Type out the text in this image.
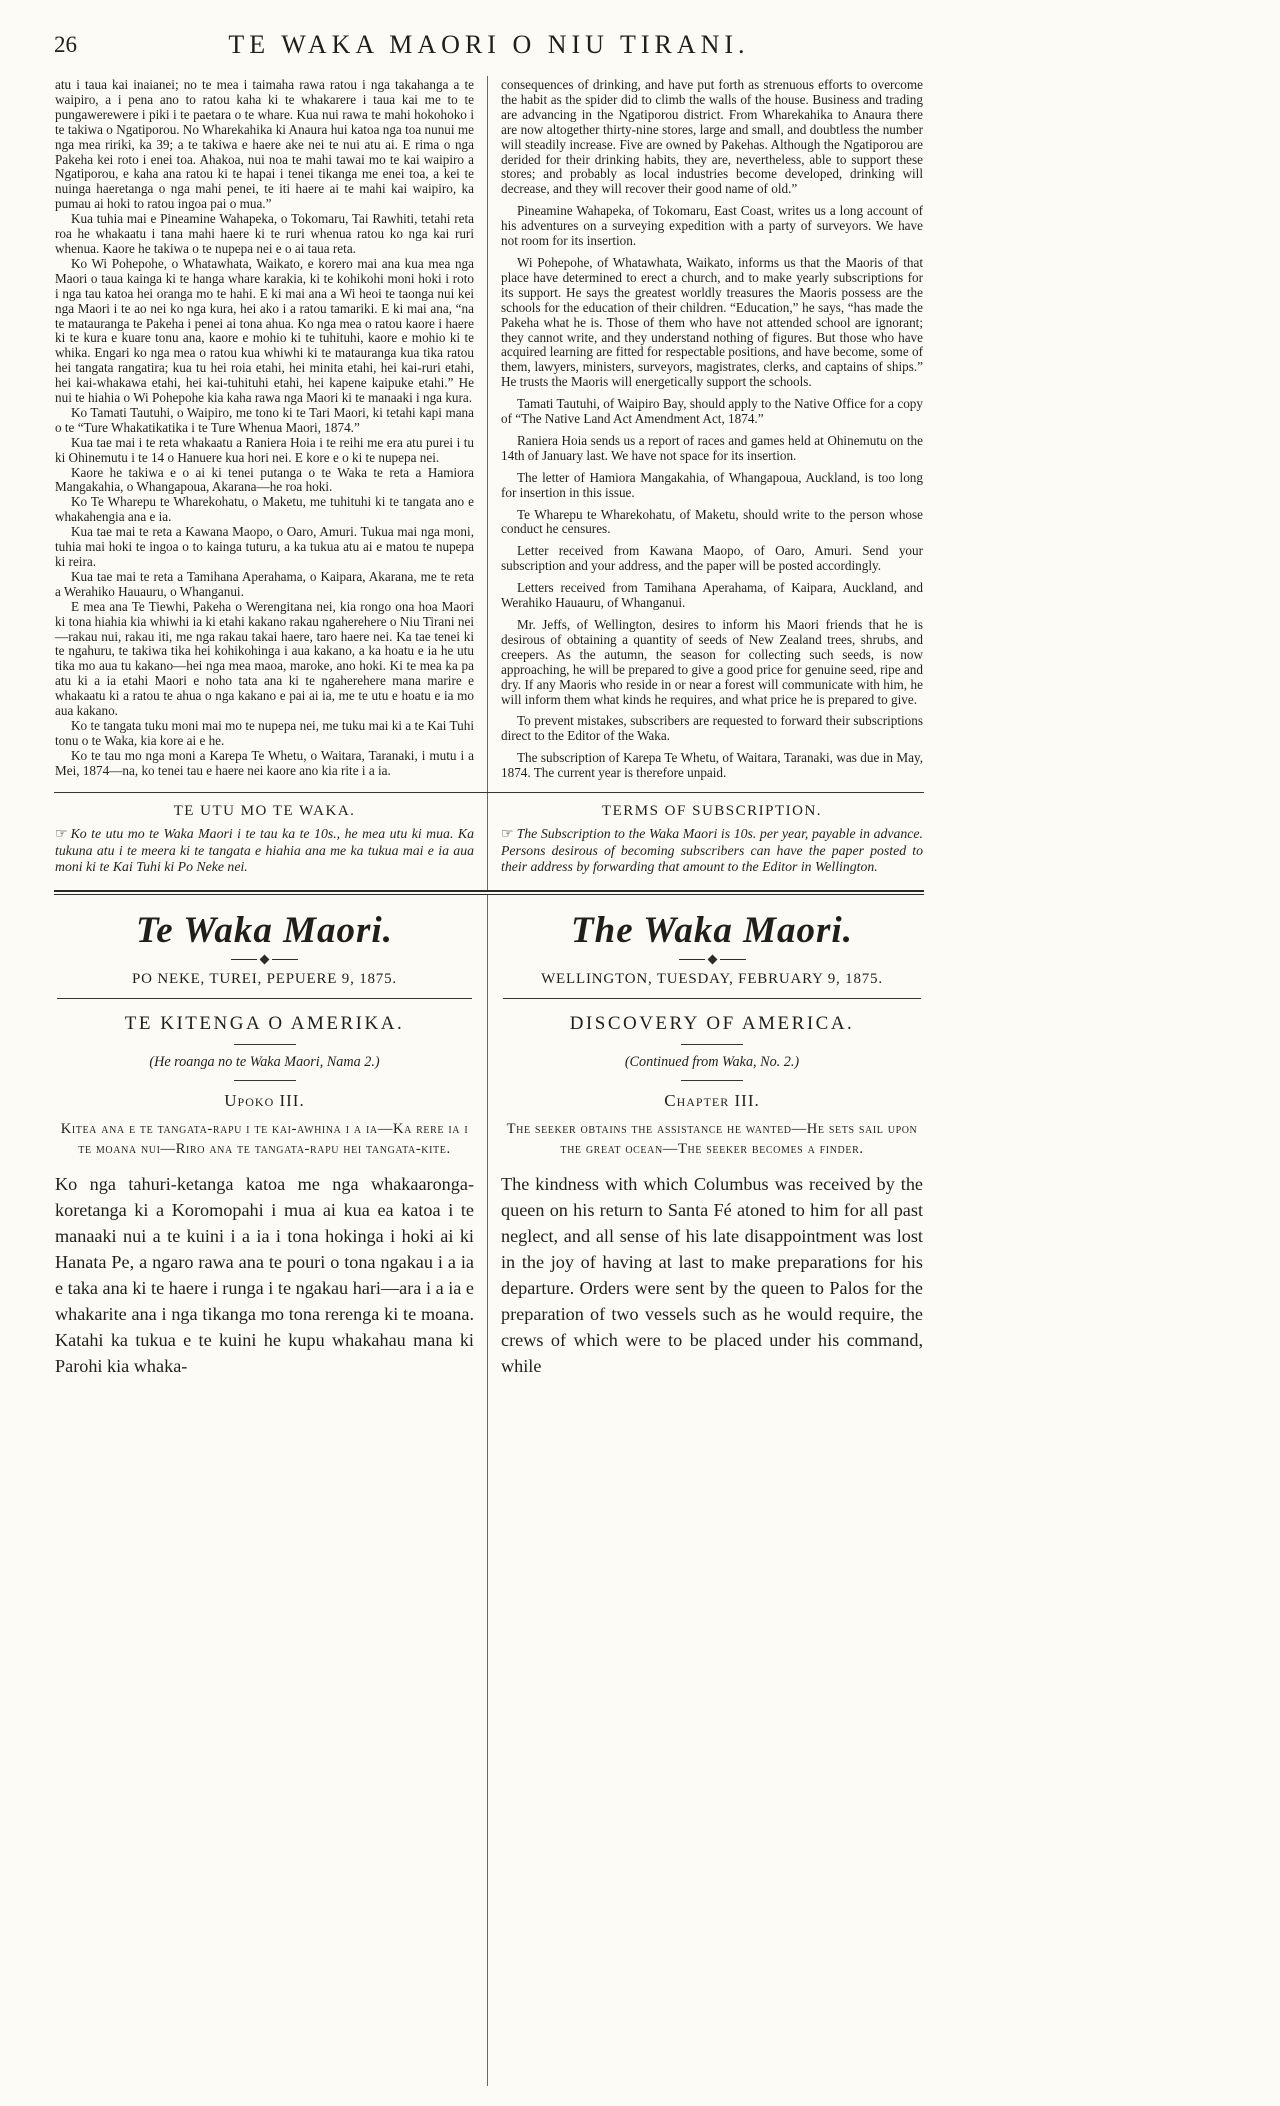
26	TE WAKA MAORI O NIU TIRANI.

atu i taua kai inaianei; no te mea i taimaha rawa ratou i nga takahanga a te waipiro, a i pena ano to ratou kaha ki te whakarere i taua kai me to te pungawerewere i piki i te paetara o te whare. Kua nui rawa te mahi hokohoko i te takiwa o Ngatiporou. No Wharekahika ki Anaura hui katoa nga toa nunui me nga mea ririki, ka 39; a te takiwa e haere ake nei te nui atu ai. E rima o nga Pakeha kei roto i enei toa. Ahakoa, nui noa te mahi tawai mo te kai waipiro a Ngatiporou, e kaha ana ratou ki te hapai i tenei tikanga me enei toa, a kei te nuinga haeretanga o nga mahi penei, te iti haere ai te mahi kai waipiro, ka pumau ai hoki to ratou ingoa pai o mua.”

Kua tuhia mai e Pineamine Wahapeka, o Tokomaru, Tai Rawhiti, tetahi reta roa he whakaatu i tana mahi haere ki te ruri whenua ratou ko nga kai ruri whenua. Kaore he takiwa o te nupepa nei e o ai taua reta.

Ko Wi Pohepohe, o Whatawhata, Waikato, e korero mai ana kua mea nga Maori o taua kainga ki te hanga whare karakia, ki te kohikohi moni hoki i roto i nga tau katoa hei oranga mo te hahi. E ki mai ana a Wi heoi te taonga nui kei nga Maori i te ao nei ko nga kura, hei ako i a ratou tamariki. E ki mai ana, “na te matauranga te Pakeha i penei ai tona ahua. Ko nga mea o ratou kaore i haere ki te kura e kuare tonu ana, kaore e mohio ki te tuhituhi, kaore e mohio ki te whika. Engari ko nga mea o ratou kua whiwhi ki te matauranga kua tika ratou hei tangata rangatira; kua tu hei roia etahi, hei minita etahi, hei kai-ruri etahi, hei kai-whakawa etahi, hei kai-tuhituhi etahi, hei kapene kaipuke etahi.” He nui te hiahia o Wi Pohepohe kia kaha rawa nga Maori ki te manaaki i nga kura.

Ko Tamati Tautuhi, o Waipiro, me tono ki te Tari Maori, ki tetahi kapi mana o te “Ture Whakatikatika i te Ture Whenua Maori, 1874.”

Kua tae mai i te reta whakaatu a Raniera Hoia i te reihi me era atu purei i tu ki Ohinemutu i te 14 o Hanuere kua hori nei. E kore e o ki te nupepa nei.

Kaore he takiwa e o ai ki tenei putanga o te Waka te reta a Hamiora Mangakahia, o Whangapoua, Akarana—he roa hoki.

Ko Te Wharepu te Wharekohatu, o Maketu, me tuhituhi ki te tangata ano e whakahengia ana e ia.

Kua tae mai te reta a Kawana Maopo, o Oaro, Amuri. Tukua mai nga moni, tuhia mai hoki te ingoa o to kainga tuturu, a ka tukua atu ai e matou te nupepa ki reira.

Kua tae mai te reta a Tamihana Aperahama, o Kaipara, Akarana, me te reta a Werahiko Hauauru, o Whanganui.

E mea ana Te Tiewhi, Pakeha o Werengitana nei, kia rongo ona hoa Maori ki tona hiahia kia whiwhi ia ki etahi kakano rakau ngaherehere o Niu Tirani nei—rakau nui, rakau iti, me nga rakau takai haere, taro haere nei. Ka tae tenei ki te ngahuru, te takiwa tika hei kohikohinga i aua kakano, a ka hoatu e ia he utu tika mo aua tu kakano—hei nga mea maoa, maroke, ano hoki. Ki te mea ka pa atu ki a ia etahi Maori e noho tata ana ki te ngaherehere mana marire e whakaatu ki a ratou te ahua o nga kakano e pai ai ia, me te utu e hoatu e ia mo aua kakano.

Ko te tangata tuku moni mai mo te nupepa nei, me tuku mai ki a te Kai Tuhi tonu o te Waka, kia kore ai e he.

Ko te tau mo nga moni a Karepa Te Whetu, o Waitara, Taranaki, i mutu i a Mei, 1874—na, ko tenei tau e haere nei kaore ano kia rite i a ia.

consequences of drinking, and have put forth as strenuous efforts to overcome the habit as the spider did to climb the walls of the house. Business and trading are advancing in the Ngatiporou district. From Wharekahika to Anaura there are now altogether thirty-nine stores, large and small, and doubtless the number will steadily increase. Five are owned by Pakehas. Although the Ngatiporou are derided for their drinking habits, they are, nevertheless, able to support these stores; and probably as local industries become developed, drinking will decrease, and they will recover their good name of old.”

Pineamine Wahapeka, of Tokomaru, East Coast, writes us a long account of his adventures on a surveying expedition with a party of surveyors. We have not room for its insertion.

Wi Pohepohe, of Whatawhata, Waikato, informs us that the Maoris of that place have determined to erect a church, and to make yearly subscriptions for its support. He says the greatest worldly treasures the Maoris possess are the schools for the education of their children. “Education,” he says, “has made the Pakeha what he is. Those of them who have not attended school are ignorant; they cannot write, and they understand nothing of figures. But those who have acquired learning are fitted for respectable positions, and have become, some of them, lawyers, ministers, surveyors, magistrates, clerks, and captains of ships.” He trusts the Maoris will energetically support the schools.

Tamati Tautuhi, of Waipiro Bay, should apply to the Native Office for a copy of “The Native Land Act Amendment Act, 1874.”

Raniera Hoia sends us a report of races and games held at Ohinemutu on the 14th of January last. We have not space for its insertion.

The letter of Hamiora Mangakahia, of Whangapoua, Auckland, is too long for insertion in this issue.

Te Wharepu te Wharekohatu, of Maketu, should write to the person whose conduct he censures.

Letter received from Kawana Maopo, of Oaro, Amuri. Send your subscription and your address, and the paper will be posted accordingly.

Letters received from Tamihana Aperahama, of Kaipara, Auckland, and Werahiko Hauauru, of Whanganui.

Mr. Jeffs, of Wellington, desires to inform his Maori friends that he is desirous of obtaining a quantity of seeds of New Zealand trees, shrubs, and creepers. As the autumn, the season for collecting such seeds, is now approaching, he will be prepared to give a good price for genuine seed, ripe and dry. If any Maoris who reside in or near a forest will communicate with him, he will inform them what kinds he requires, and what price he is prepared to give.

To prevent mistakes, subscribers are requested to forward their subscriptions direct to the Editor of the Waka.

The subscription of Karepa Te Whetu, of Waitara, Taranaki, was due in May, 1874. The current year is therefore unpaid.

TE UTU MO TE WAKA.

☞ Ko te utu mo te Waka Maori i te tau ka te 10s., he mea utu ki mua. Ka tukuna atu i te meera ki te tangata e hiahia ana me ka tukua mai e ia aua moni ki te Kai Tuhi ki Po Neke nei.

TERMS OF SUBSCRIPTION.

☞ The Subscription to the Waka Maori is 10s. per year, payable in advance. Persons desirous of becoming subscribers can have the paper posted to their address by forwarding that amount to the Editor in Wellington.

Te Waka Maori.
PO NEKE, TUREI, PEPUERE 9, 1875.
TE KITENGA O AMERIKA.
(He roanga no te Waka Maori, Nama 2.)
Upoko III.
Kitea ana e te tangata-rapu i te kai-awhina i a ia—Ka rere ia i te moana nui—Riro ana te tangata-rapu hei tangata-kite.

Ko nga tahuri-ketanga katoa me nga whakaaronga-koretanga ki a Koromopahi i mua ai kua ea katoa i te manaaki nui a te kuini i a ia i tona hokinga i hoki ai ki Hanata Pe, a ngaro rawa ana te pouri o tona ngakau i a ia e taka ana ki te haere i runga i te ngakau hari—ara i a ia e whakarite ana i nga tikanga mo tona rerenga ki te moana. Katahi ka tukua e te kuini he kupu whakahau mana ki Parohi kia whaka-

The Waka Maori.
WELLINGTON, TUESDAY, FEBRUARY 9, 1875.
DISCOVERY OF AMERICA.
(Continued from Waka, No. 2.)
Chapter III.
The seeker obtains the assistance he wanted—He sets sail upon the great ocean—The seeker becomes a finder.

The kindness with which Columbus was received by the queen on his return to Santa Fé atoned to him for all past neglect, and all sense of his late disappointment was lost in the joy of having at last to make preparations for his departure. Orders were sent by the queen to Palos for the preparation of two vessels such as he would require, the crews of which were to be placed under his command, while
